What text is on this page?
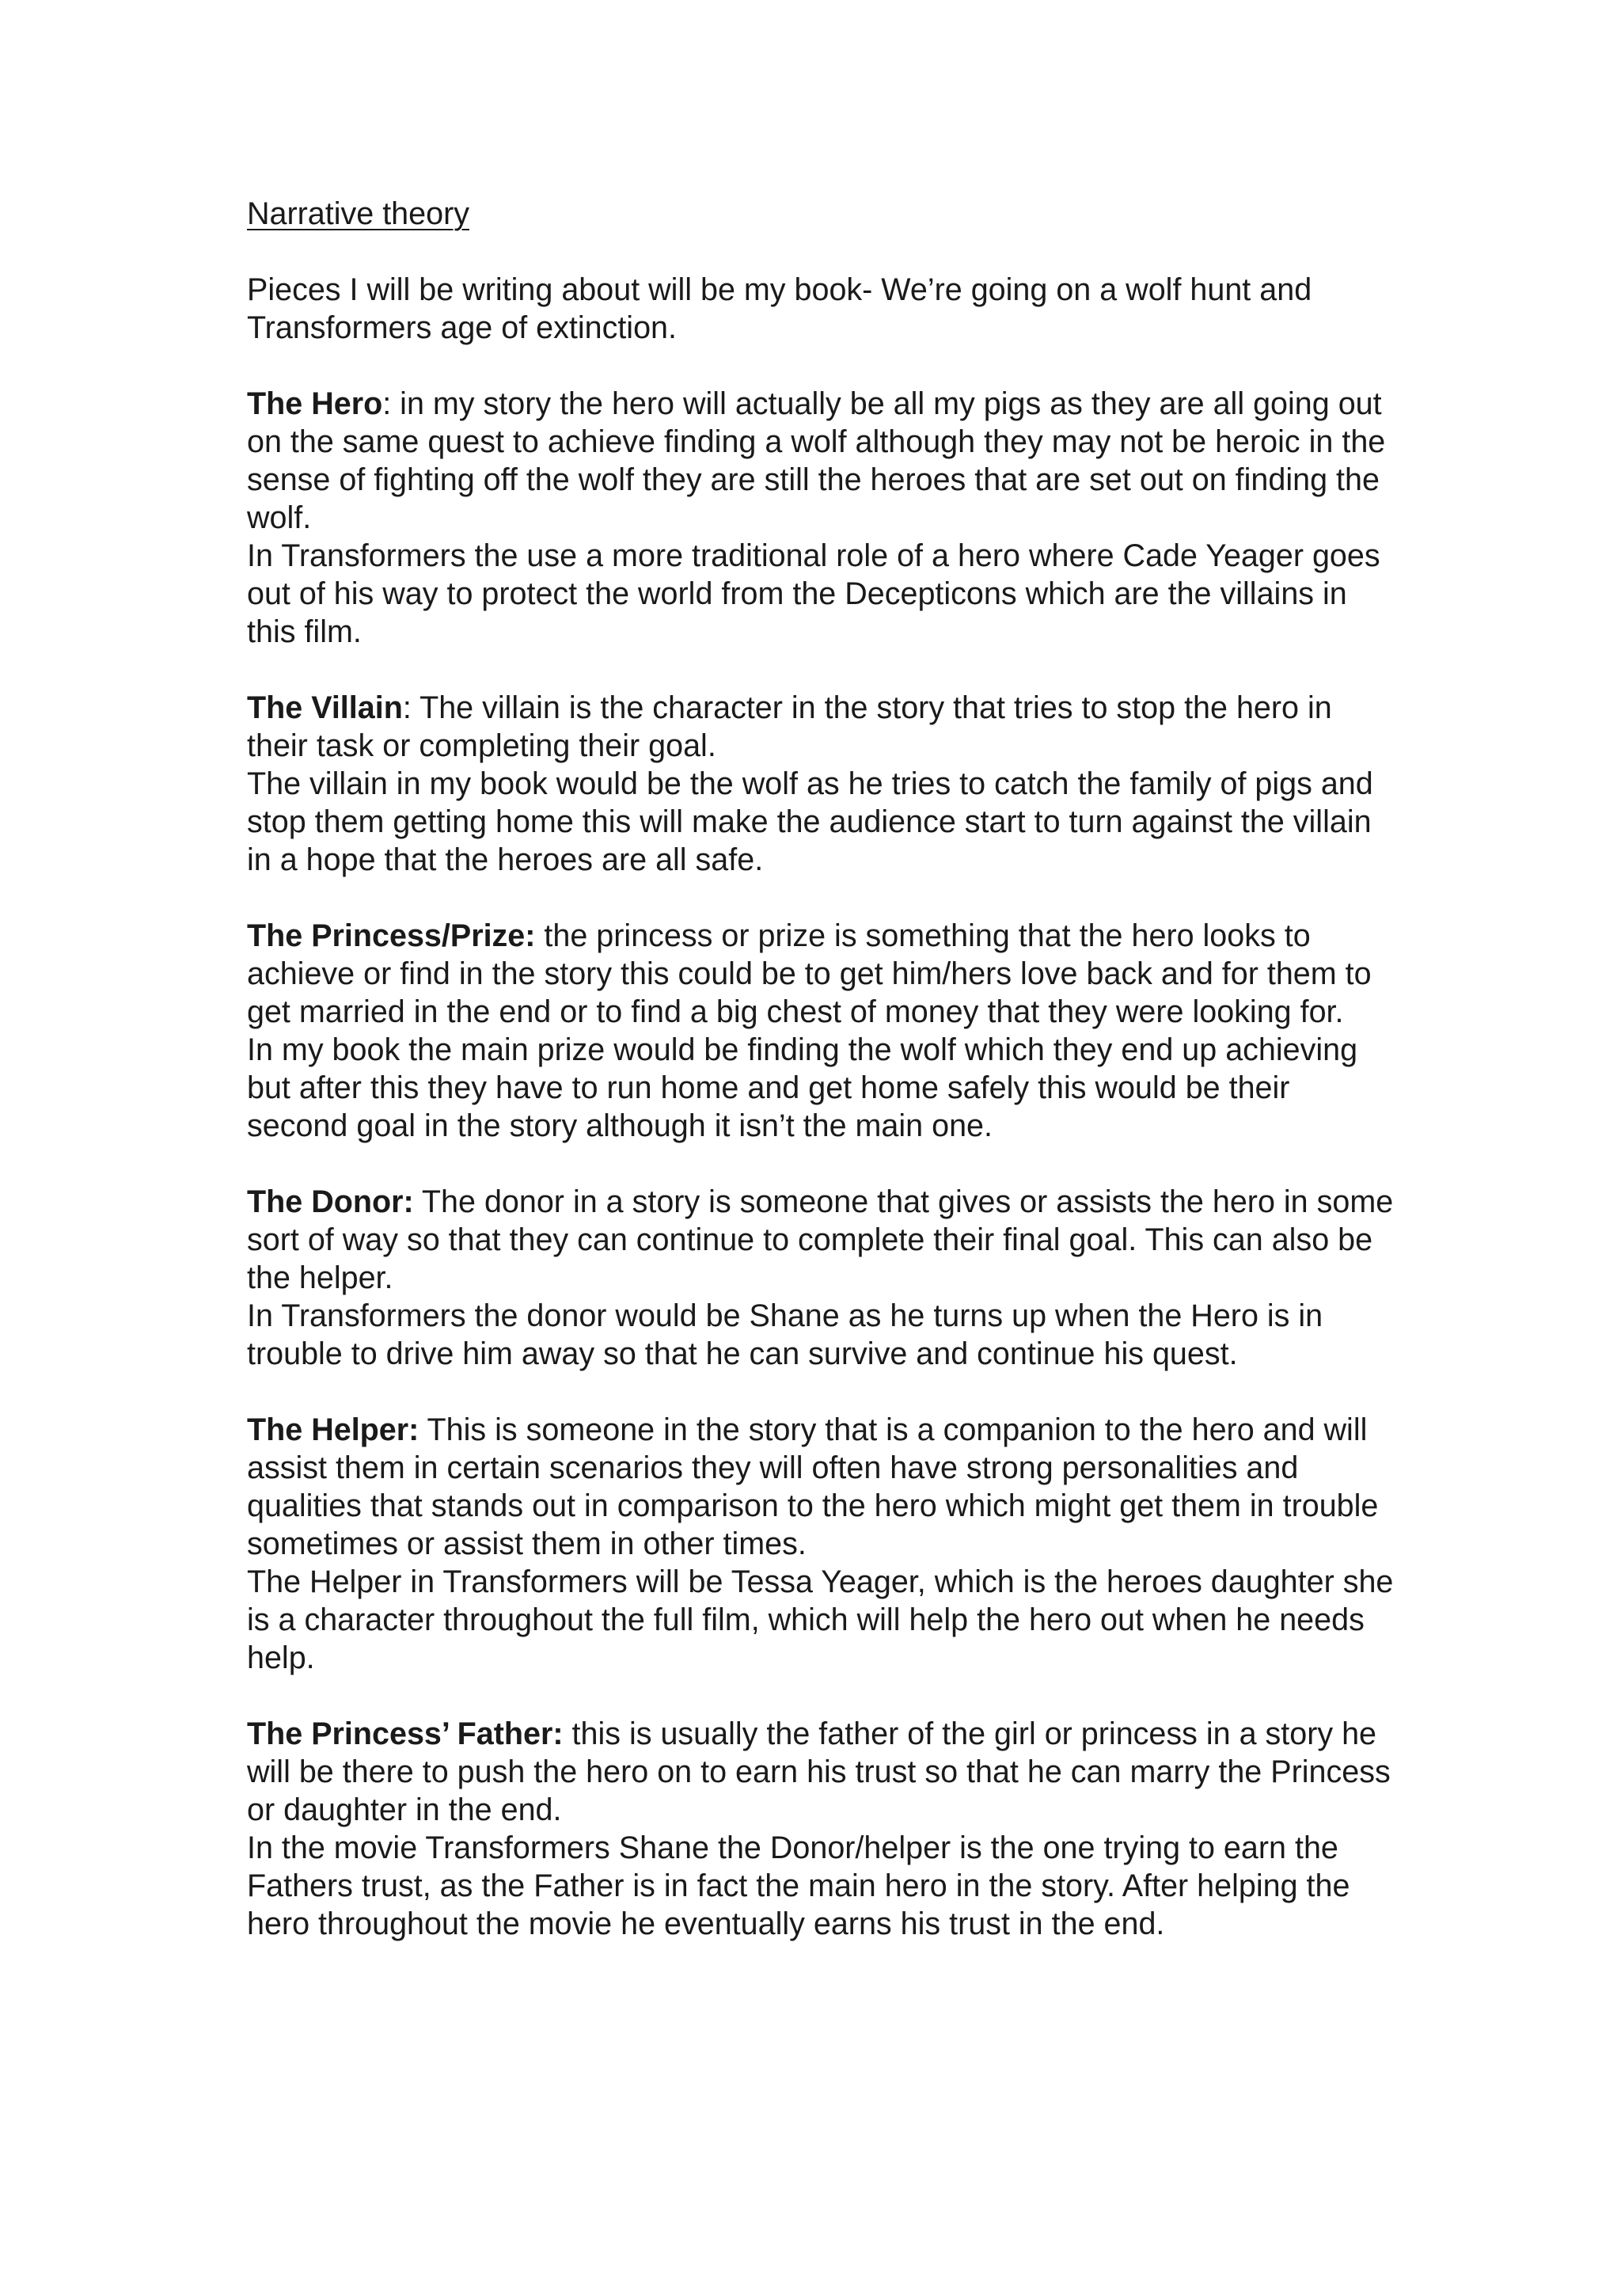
Narrative theory

Pieces I will be writing about will be my book- We’re going on a wolf hunt and Transformers age of extinction.

The Hero: in my story the hero will actually be all my pigs as they are all going out on the same quest to achieve finding a wolf although they may not be heroic in the sense of fighting off the wolf they are still the heroes that are set out on finding the wolf.

In Transformers the use a more traditional role of a hero where Cade Yeager goes out of his way to protect the world from the Decepticons which are the villains in this film.

The Villain: The villain is the character in the story that tries to stop the hero in their task or completing their goal.

The villain in my book would be the wolf as he tries to catch the family of pigs and stop them getting home this will make the audience start to turn against the villain in a hope that the heroes are all safe.

The Princess/Prize: the princess or prize is something that the hero looks to achieve or find in the story this could be to get him/hers love back and for them to get married in the end or to find a big chest of money that they were looking for.

In my book the main prize would be finding the wolf which they end up achieving but after this they have to run home and get home safely this would be their second goal in the story although it isn’t the main one.

The Donor: The donor in a story is someone that gives or assists the hero in some sort of way so that they can continue to complete their final goal. This can also be the helper.

In Transformers the donor would be Shane as he turns up when the Hero is in trouble to drive him away so that he can survive and continue his quest.

The Helper: This is someone in the story that is a companion to the hero and will assist them in certain scenarios they will often have strong personalities and qualities that stands out in comparison to the hero which might get them in trouble sometimes or assist them in other times.

The Helper in Transformers will be Tessa Yeager, which is the heroes daughter she is a character throughout the full film, which will help the hero out when he needs help.

The Princess’ Father: this is usually the father of the girl or princess in a story he will be there to push the hero on to earn his trust so that he can marry the Princess or daughter in the end.

In the movie Transformers Shane the Donor/helper is the one trying to earn the Fathers trust, as the Father is in fact the main hero in the story. After helping the hero throughout the movie he eventually earns his trust in the end.
